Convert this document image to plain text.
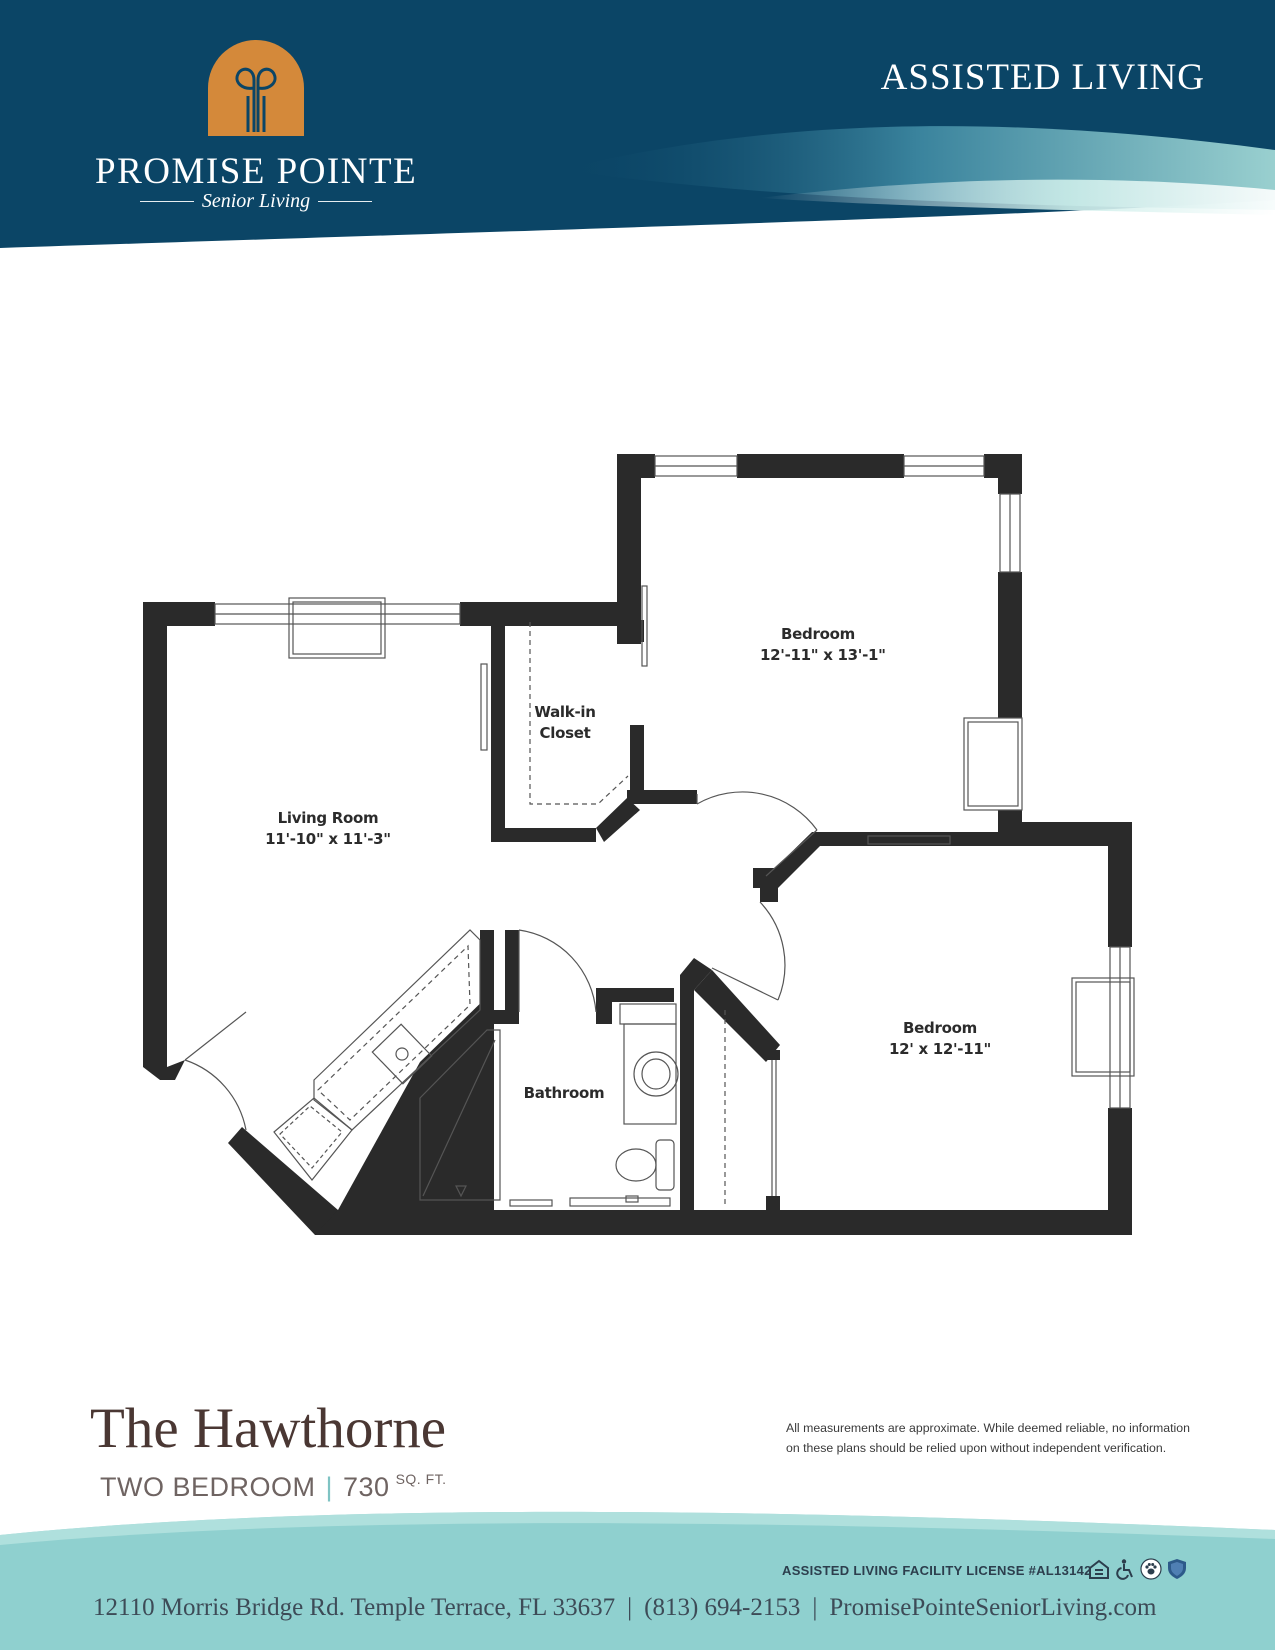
PROMISE POINTE
Senior Living
ASSISTED LIVING
Bedroom
12'-11" x 13'-1"
Walk-in
Closet
Living Room
11'-10" x 11'-3"
Bedroom
12' x 12'-11"
Bathroom
The Hawthorne
TWO BEDROOM | 730 SQ. FT.
All measurements are approximate. While deemed reliable, no information on these plans should be relied upon without independent verification.
ASSISTED LIVING FACILITY LICENSE #AL13142
12110 Morris Bridge Rd. Temple Terrace, FL 33637 | (813) 694-2153 | PromisePointeSeniorLiving.com
